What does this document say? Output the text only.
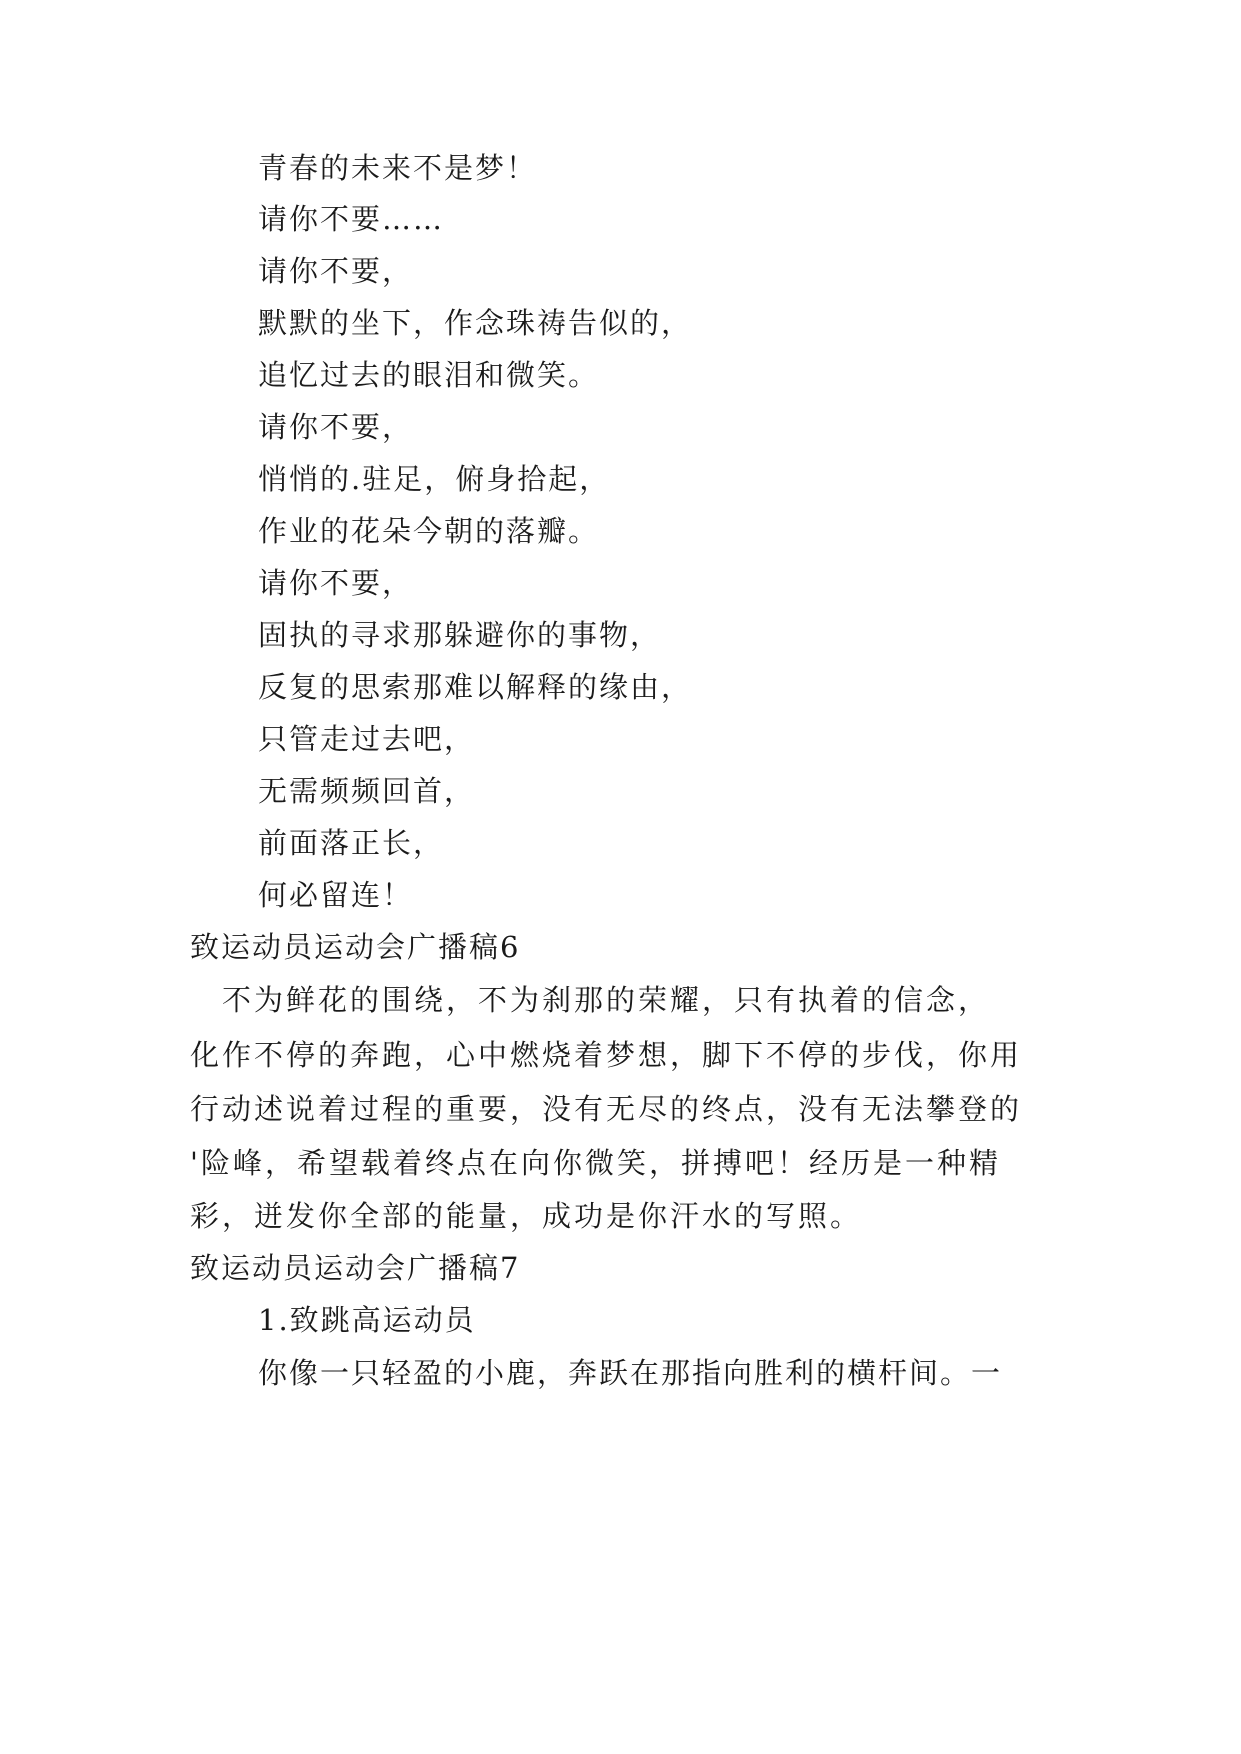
青春的未来不是梦！
请你不要……
请你不要，
默默的坐下，作念珠祷告似的，
追忆过去的眼泪和微笑。
请你不要，
悄悄的.驻足，俯身拾起，
作业的花朵今朝的落瓣。
请你不要，
固执的寻求那躲避你的事物，
反复的思索那难以解释的缘由，
只管走过去吧，
无需频频回首，
前面落正长，
何必留连！
致运动员运动会广播稿6
　不为鲜花的围绕，不为刹那的荣耀，只有执着的信念，
化作不停的奔跑，心中燃烧着梦想，脚下不停的步伐，你用
行动述说着过程的重要，没有无尽的终点，没有无法攀登的
'险峰，希望载着终点在向你微笑，拼搏吧！经历是一种精
彩，迸发你全部的能量，成功是你汗水的写照。
致运动员运动会广播稿7
1.致跳高运动员
你像一只轻盈的小鹿，奔跃在那指向胜利的横杆间。一
